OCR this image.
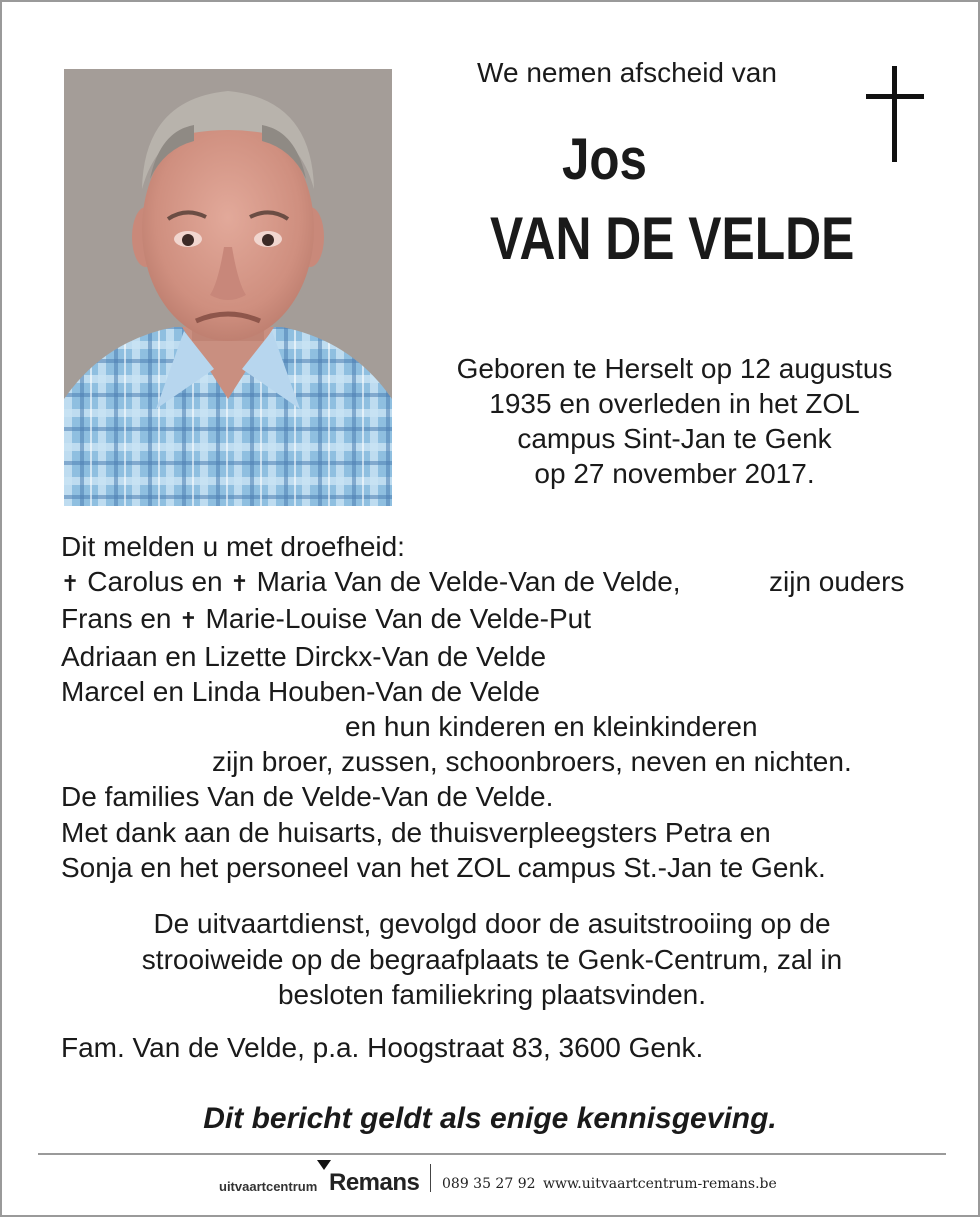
We nemen afscheid van
Jos
VAN DE VELDE
Geboren te Herselt op 12 augustus
1935 en overleden in het ZOL
campus Sint-Jan te Genk
op 27 november 2017.
Dit melden u met droefheid:
✝ Carolus en ✝ Maria Van de Velde-Van de Velde,	zijn ouders
Frans en ✝ Marie-Louise Van de Velde-Put
Adriaan en Lizette Dirckx-Van de Velde
Marcel en Linda Houben-Van de Velde
en hun kinderen en kleinkinderen
zijn broer, zussen, schoonbroers, neven en nichten.
De families Van de Velde-Van de Velde.
Met dank aan de huisarts, de thuisverpleegsters Petra en
Sonja en het personeel van het ZOL campus St.-Jan te Genk.
De uitvaartdienst, gevolgd door de asuitstrooiing op de
strooiweide op de begraafplaats te Genk-Centrum, zal in
besloten familiekring plaatsvinden.
Fam. Van de Velde, p.a. Hoogstraat 83, 3600 Genk.
Dit bericht geldt als enige kennisgeving.
uitvaartcentrum Remans 089 35 27 92 www.uitvaartcentrum-remans.be
